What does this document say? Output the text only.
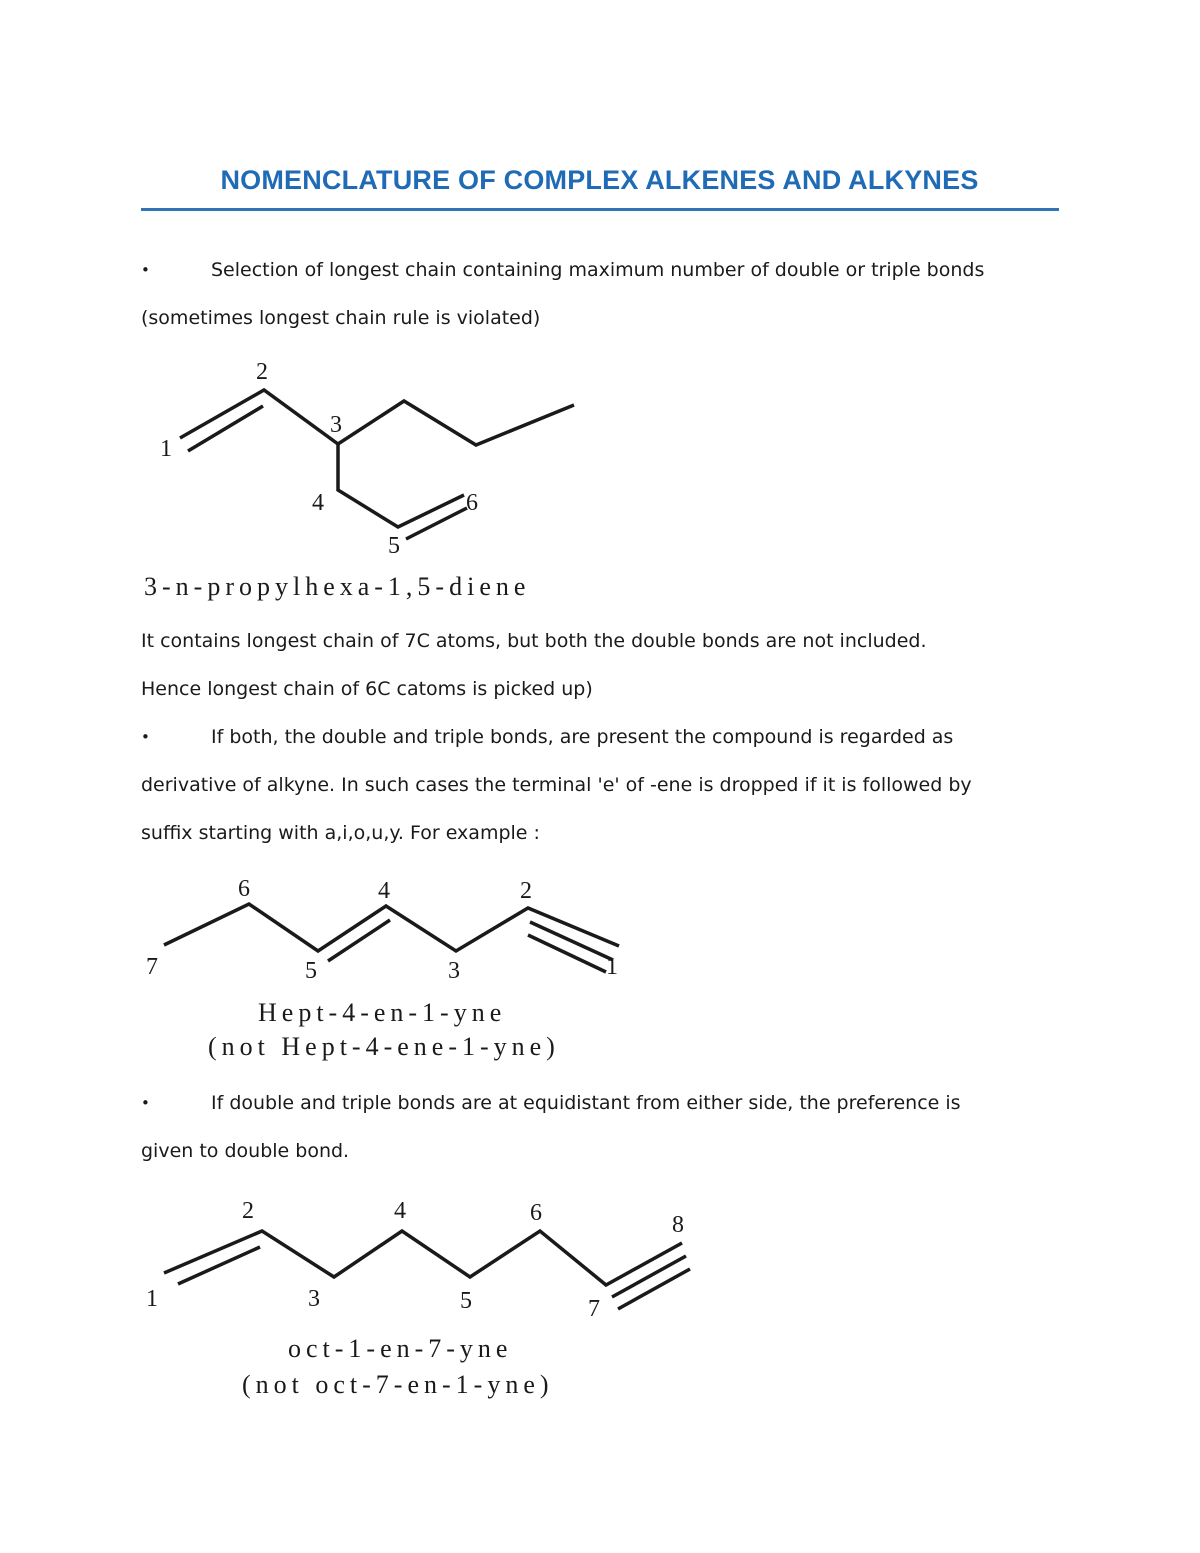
NOMENCLATURE OF COMPLEX ALKENES AND ALKYNES
•	Selection of longest chain containing maximum number of double or triple bonds
(sometimes longest chain rule is violated)
1
2
3
4
5
6
3-n-propylhexa-1,5-diene
7
6
5
4
3
2
1
Hept-4-en-1-yne
(not Hept-4-ene-1-yne)
1
2
3
4
5
6
7
8
oct-1-en-7-yne
(not oct-7-en-1-yne)
It contains longest chain of 7C atoms, but both the double bonds are not included.
Hence longest chain of 6C catoms is picked up)
•	If both, the double and triple bonds, are present the compound is regarded as
derivative of alkyne. In such cases the terminal 'e' of -ene is dropped if it is followed by
suffix starting with a,i,o,u,y. For example :
•	If double and triple bonds are at equidistant from either side, the preference is
given to double bond.
